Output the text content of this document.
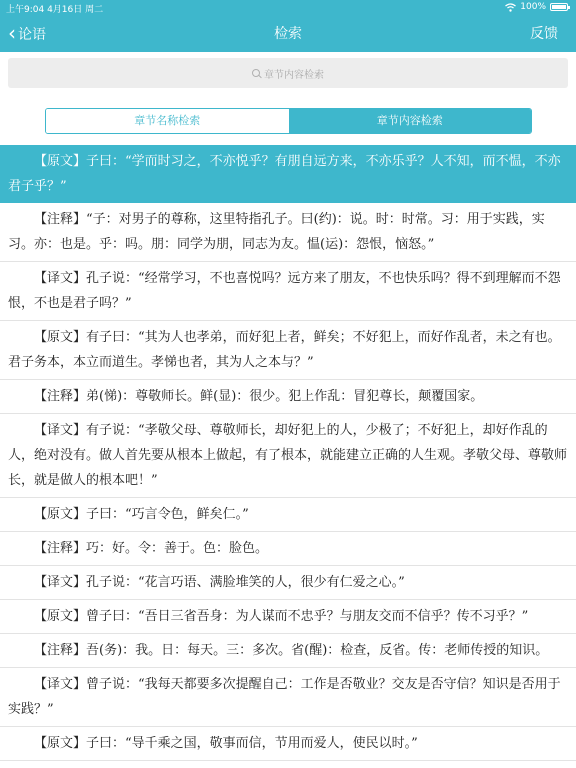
上午9:04 4月16日 周二	100%
‹ 论语	检索	反馈
章节内容检索
章节名称检索	章节内容检索
【原文】子曰：“学而时习之，不亦悦乎？有朋自远方来，不亦乐乎？人不知，而不愠，不亦君子乎？”
【注释】“子：对男子的尊称，这里特指孔子。曰(约)：说。时：时常。习：用于实践，实习。亦：也是。乎：吗。朋：同学为朋，同志为友。愠(运)：怨恨，恼怒。”
【译文】孔子说：“经常学习，不也喜悦吗？远方来了朋友，不也快乐吗？得不到理解而不怨恨，不也是君子吗？”
【原文】有子曰：“其为人也孝弟，而好犯上者，鲜矣；不好犯上，而好作乱者，未之有也。君子务本，本立而道生。孝悌也者，其为人之本与？”
【注释】弟(悌)：尊敬师长。鲜(显)：很少。犯上作乱：冒犯尊长，颠覆国家。
【译文】有子说：“孝敬父母、尊敬师长，却好犯上的人，少极了；不好犯上，却好作乱的人，绝对没有。做人首先要从根本上做起，有了根本，就能建立正确的人生观。孝敬父母、尊敬师长，就是做人的根本吧！”
【原文】子曰：“巧言令色，鲜矣仁。”
【注释】巧：好。令：善于。色：脸色。
【译文】孔子说：“花言巧语、满脸堆笑的人，很少有仁爱之心。”
【原文】曾子曰：“吾日三省吾身：为人谋而不忠乎？与朋友交而不信乎？传不习乎？”
【注释】吾(务)：我。日：每天。三：多次。省(醒)：检查，反省。传：老师传授的知识。
【译文】曾子说：“我每天都要多次提醒自己：工作是否敬业？交友是否守信？知识是否用于实践？”
【原文】子曰：“导千乘之国，敬事而信，节用而爱人，使民以时。”
